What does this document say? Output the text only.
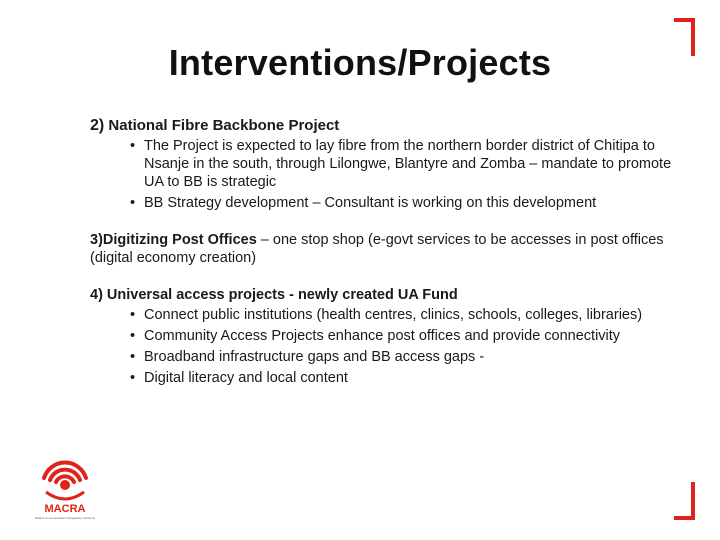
Interventions/Projects

2) National Fibre Backbone Project

• The Project is expected to lay fibre from the northern border district of Chitipa to Nsanje in the south, through Lilongwe, Blantyre and Zomba – mandate to promote UA to BB is strategic
• BB Strategy development – Consultant is working on this development

3)Digitizing Post Offices – one stop shop (e-govt services to be accesses in post offices (digital economy creation)

4) Universal access projects - newly created UA Fund

• Connect public institutions (health centres, clinics, schools, colleges, libraries)
• Community Access Projects enhance post offices and provide connectivity
• Broadband infrastructure gaps and BB access gaps -
• Digital literacy and local content
MACRA
Malawi Communications Regulatory Authority
